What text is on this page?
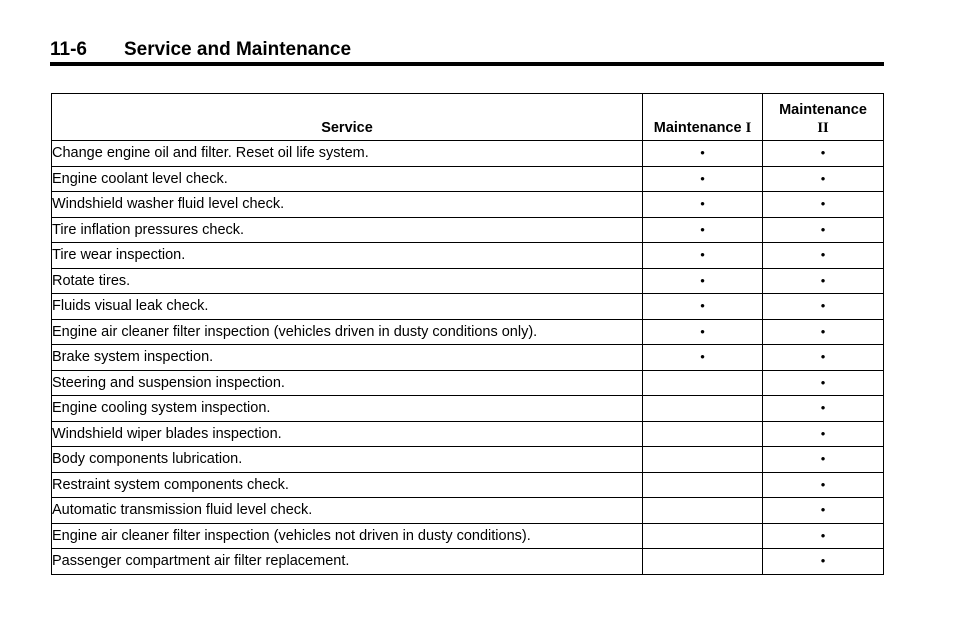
11-6 Service and Maintenance
Service	Maintenance I	Maintenance
II
Change engine oil and filter. Reset oil life system.	•	•
Engine coolant level check.	•	•
Windshield washer fluid level check.	•	•
Tire inflation pressures check.	•	•
Tire wear inspection.	•	•
Rotate tires.	•	•
Fluids visual leak check.	•	•
Engine air cleaner filter inspection (vehicles driven in dusty conditions only).	•	•
Brake system inspection.	•	•
Steering and suspension inspection.		•
Engine cooling system inspection.		•
Windshield wiper blades inspection.		•
Body components lubrication.		•
Restraint system components check.		•
Automatic transmission fluid level check.		•
Engine air cleaner filter inspection (vehicles not driven in dusty conditions).		•
Passenger compartment air filter replacement.		•
